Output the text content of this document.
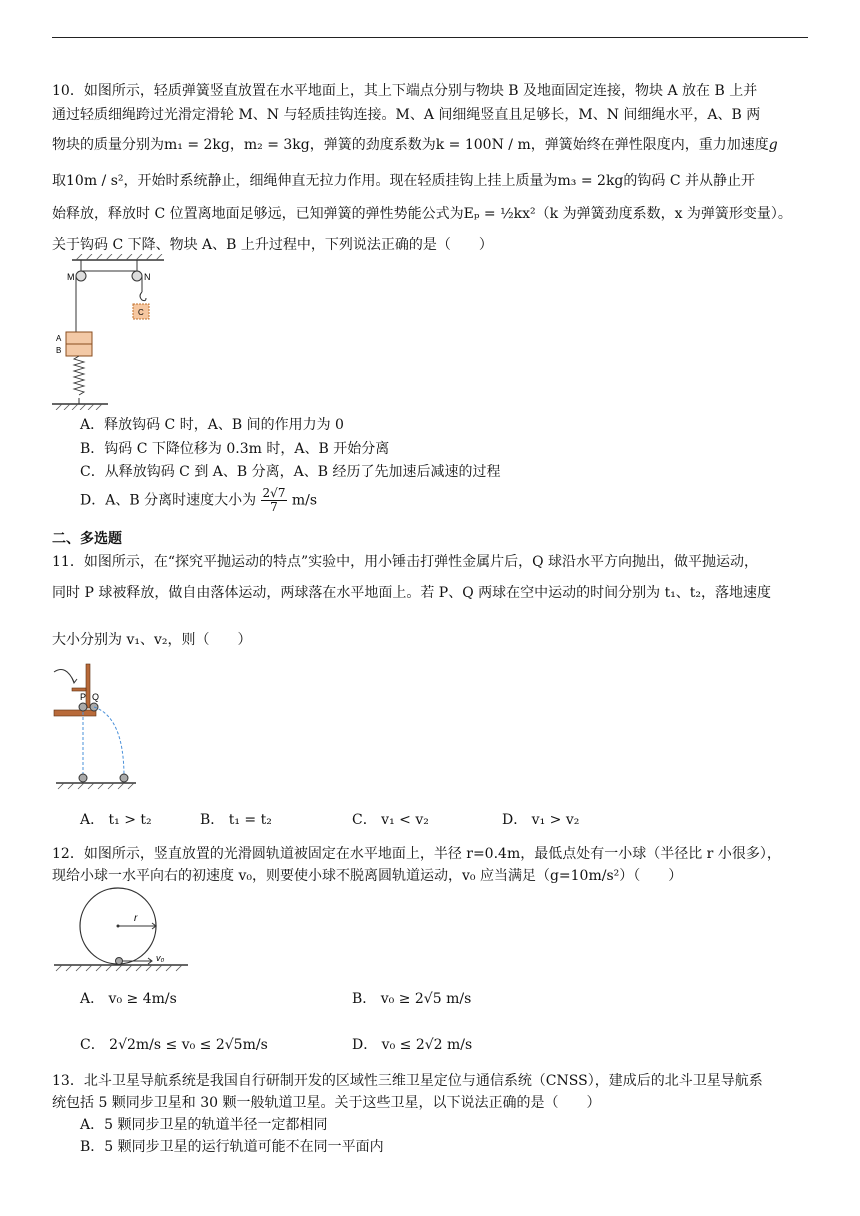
10．如图所示，轻质弹簧竖直放置在水平地面上，其上下端点分别与物块 B 及地面固定连接，物块 A 放在 B 上并
通过轻质细绳跨过光滑定滑轮 M、N 与轻质挂钩连接。M、A 间细绳竖直且足够长，M、N 间细绳水平，A、B 两
物块的质量分别为m₁ = 2kg，m₂ = 3kg，弹簧的劲度系数为k = 100N / m，弹簧始终在弹性限度内，重力加速度g
取10m / s²，开始时系统静止，细绳伸直无拉力作用。现在轻质挂钩上挂上质量为m₃ = 2kg的钩码 C 并从静止开
始释放，释放时 C 位置离地面足够远，已知弹簧的弹性势能公式为Eₚ = ½kx²（k 为弹簧劲度系数，x 为弹簧形变量）。
关于钩码 C 下降、物块 A、B 上升过程中，下列说法正确的是（　　）
M	N
C
A
B
A．释放钩码 C 时，A、B 间的作用力为 0
B．钩码 C 下降位移为 0.3m 时，A、B 开始分离
C．从释放钩码 C 到 A、B 分离，A、B 经历了先加速后减速的过程
D．A、B 分离时速度大小为 $\frac{2√7}{7} m/s$
二、多选题
11．如图所示，在“探究平抛运动的特点”实验中，用小锤击打弹性金属片后，Q 球沿水平方向抛出，做平抛运动，
同时 P 球被释放，做自由落体运动，两球落在水平地面上。若 P、Q 两球在空中运动的时间分别为 t₁、t₂，落地速度
大小分别为 v₁、v₂，则（　　）
P Q
A． t₁ > t₂	B． t₁ = t₂	C． v₁ < v₂	D． v₁ > v₂
12．如图所示，竖直放置的光滑圆轨道被固定在水平地面上，半径 r=0.4m，最低点处有一小球（半径比 r 小很多），
现给小球一水平向右的初速度 v₀，则要使小球不脱离圆轨道运动，v₀ 应当满足（g=10m/s²）（　　）
r
v₀
A． v₀ ≥ 4m/s	B． v₀ ≥ 2√5 m/s
C． 2√2m/s ≤ v₀ ≤ 2√5m/s	D． v₀ ≤ 2√2 m/s
13．北斗卫星导航系统是我国自行研制开发的区域性三维卫星定位与通信系统（CNSS），建成后的北斗卫星导航系
统包括 5 颗同步卫星和 30 颗一般轨道卫星。关于这些卫星，以下说法正确的是（　　）
A．5 颗同步卫星的轨道半径一定都相同
B．5 颗同步卫星的运行轨道可能不在同一平面内
